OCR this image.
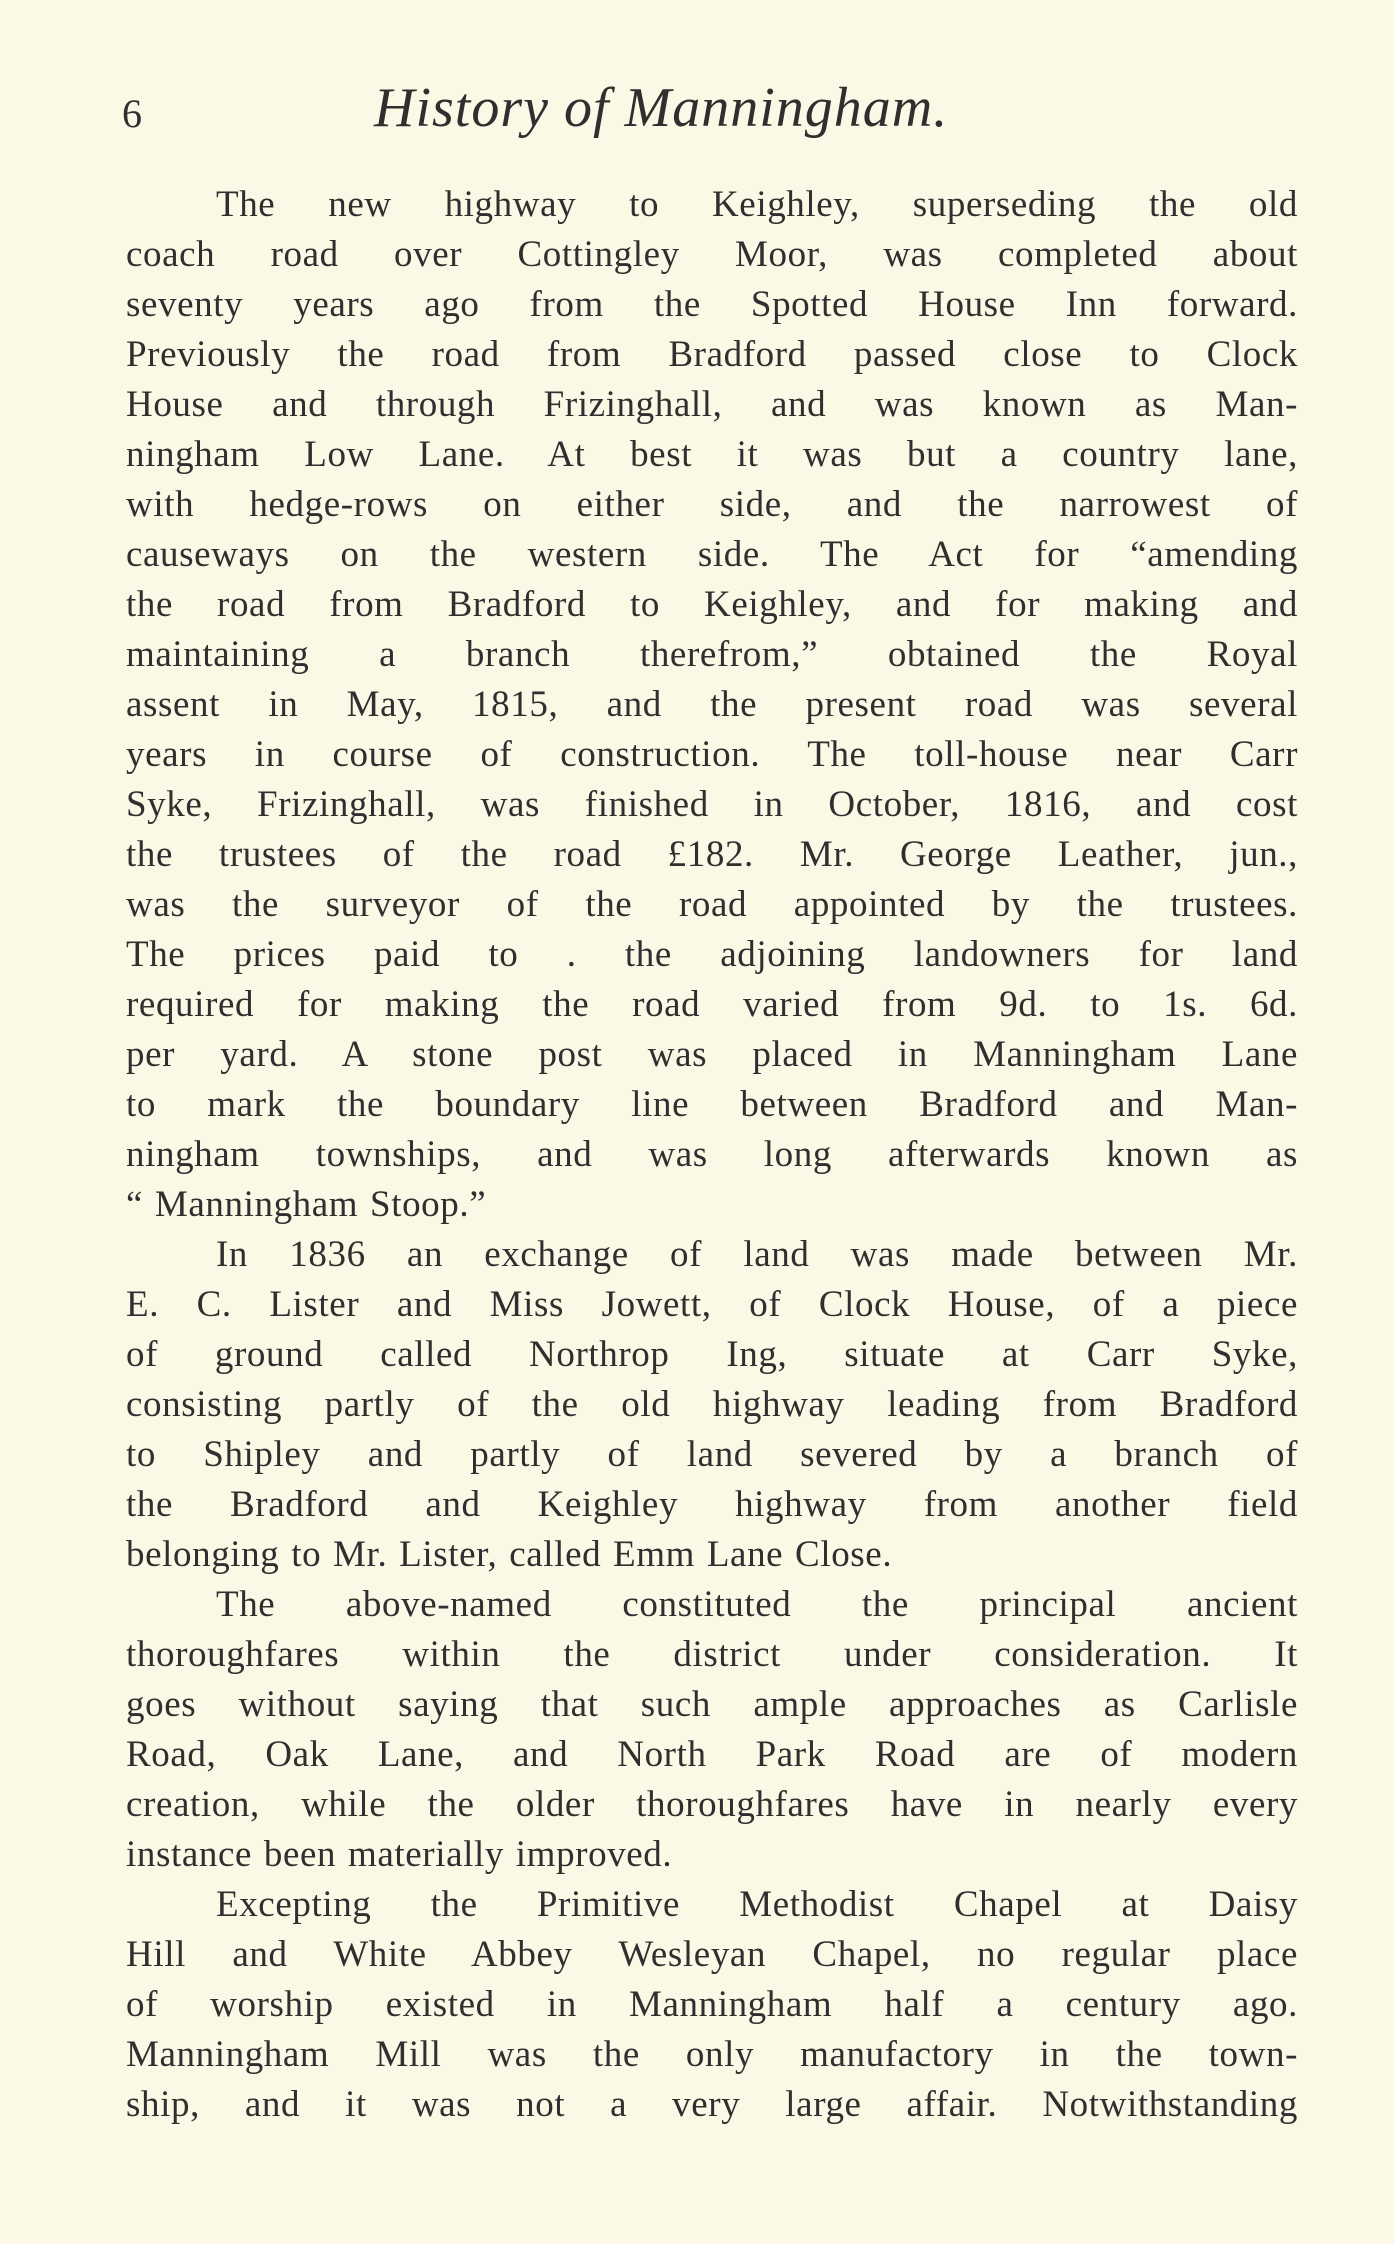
6	History of Manningham.
The new highway to Keighley, superseding the old
coach road over Cottingley Moor, was completed about
seventy years ago from the Spotted House Inn forward.
Previously the road from Bradford passed close to Clock
House and through Frizinghall, and was known as Man-
ningham Low Lane. At best it was but a country lane,
with hedge-rows on either side, and the narrowest of
causeways on the western side. The Act for “amending
the road from Bradford to Keighley, and for making and
maintaining a branch therefrom,” obtained the Royal
assent in May, 1815, and the present road was several
years in course of construction. The toll-house near Carr
Syke, Frizinghall, was finished in October, 1816, and cost
the trustees of the road £182. Mr. George Leather, jun.,
was the surveyor of the road appointed by the trustees.
The prices paid to . the adjoining landowners for land
required for making the road varied from 9d. to 1s. 6d.
per yard. A stone post was placed in Manningham Lane
to mark the boundary line between Bradford and Man-
ningham townships, and was long afterwards known as
“ Manningham Stoop.”
In 1836 an exchange of land was made between Mr.
E. C. Lister and Miss Jowett, of Clock House, of a piece
of ground called Northrop Ing, situate at Carr Syke,
consisting partly of the old highway leading from Bradford
to Shipley and partly of land severed by a branch of
the Bradford and Keighley highway from another field
belonging to Mr. Lister, called Emm Lane Close.
The above-named constituted the principal ancient
thoroughfares within the district under consideration. It
goes without saying that such ample approaches as Carlisle
Road, Oak Lane, and North Park Road are of modern
creation, while the older thoroughfares have in nearly every
instance been materially improved.
Excepting the Primitive Methodist Chapel at Daisy
Hill and White Abbey Wesleyan Chapel, no regular place
of worship existed in Manningham half a century ago.
Manningham Mill was the only manufactory in the town-
ship, and it was not a very large affair. Notwithstanding
